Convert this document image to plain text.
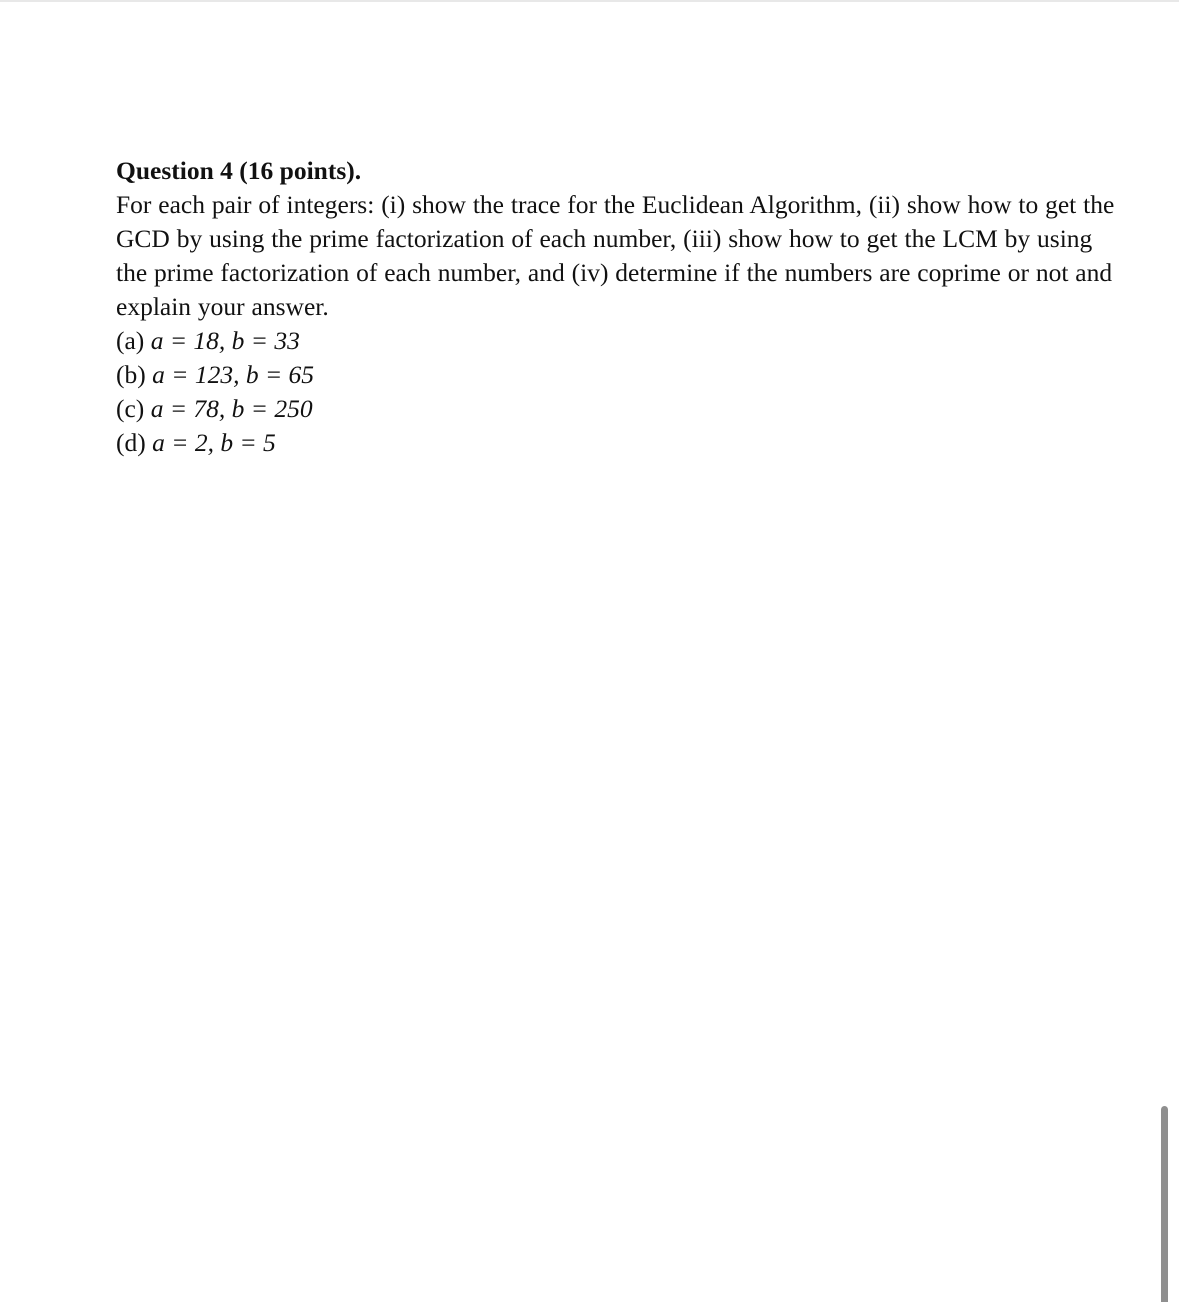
Question 4 (16 points).

For each pair of integers: (i) show the trace for the Euclidean Algorithm, (ii) show how to get the GCD by using the prime factorization of each number, (iii) show how to get the LCM by using the prime factorization of each number, and (iv) determine if the numbers are coprime or not and explain your answer.

(a) a = 18, b = 33

(b) a = 123, b = 65

(c) a = 78, b = 250

(d) a = 2, b = 5
